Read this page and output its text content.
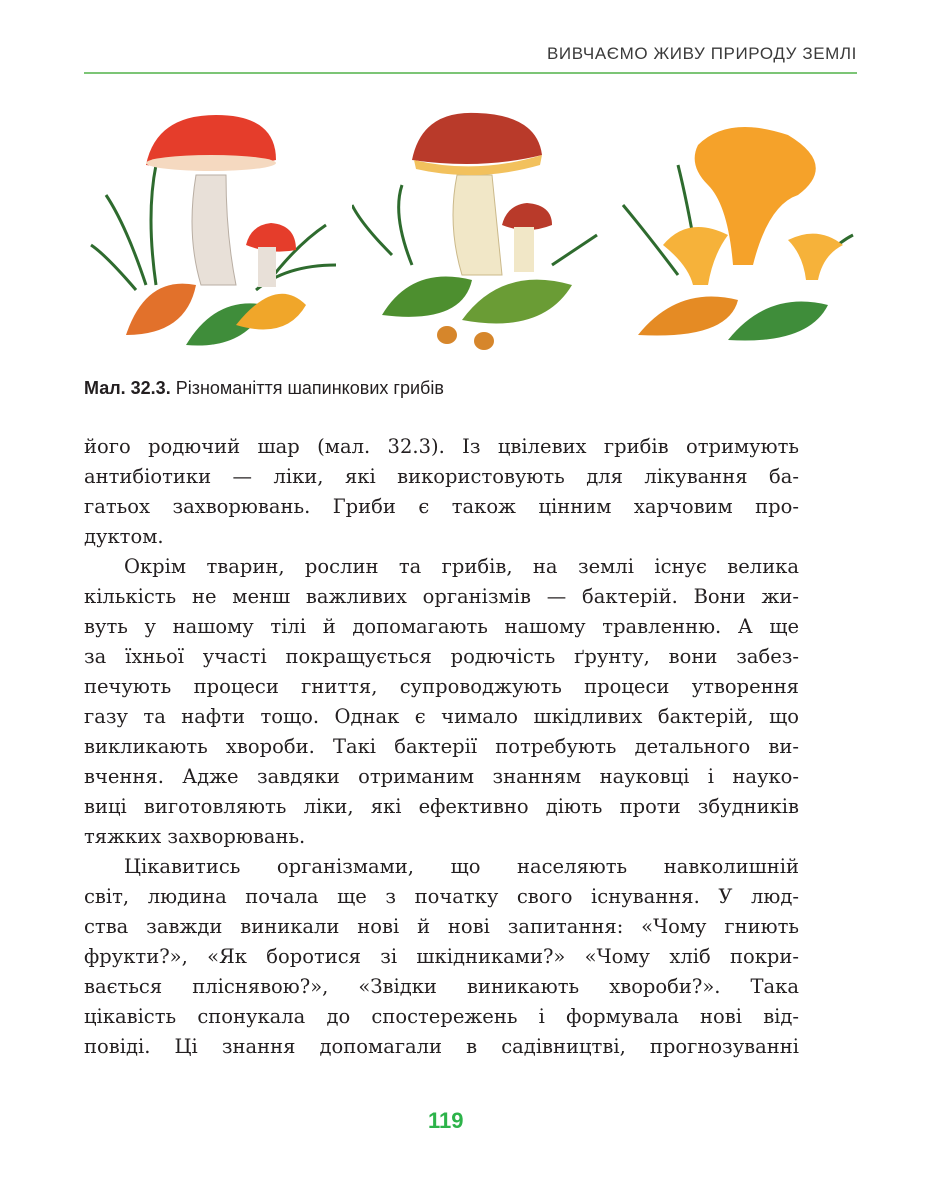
ВИВЧАЄМО ЖИВУ ПРИРОДУ ЗЕМЛІ
Мал. 32.3. Різноманіття шапинкових грибів
його родючий шар (мал. 32.3). Із цвілевих грибів отримують
антибіотики — ліки, які використовують для лікування ба-
гатьох захворювань. Гриби є також цінним харчовим про-
дуктом.
Окрім тварин, рослин та грибів, на землі існує велика
кількість не менш важливих організмів — бактерій. Вони жи-
вуть у нашому тілі й допомагають нашому травленню. А ще
за їхньої участі покращується родючість ґрунту, вони забез-
печують процеси гниття, супроводжують процеси утворення
газу та нафти тощо. Однак є чимало шкідливих бактерій, що
викликають хвороби. Такі бактерії потребують детального ви-
вчення. Адже завдяки отриманим знанням науковці і науко-
виці виготовляють ліки, які ефективно діють проти збудників
тяжких захворювань.
Цікавитись організмами, що населяють навколишній
світ, людина почала ще з початку свого існування. У люд-
ства завжди виникали нові й нові запитання: «Чому гниють
фрукти?», «Як боротися зі шкідниками?» «Чому хліб покри-
вається пліснявою?», «Звідки виникають хвороби?». Така
цікавість спонукала до спостережень і формувала нові від-
повіді. Ці знання допомагали в садівництві, прогнозуванні
119
